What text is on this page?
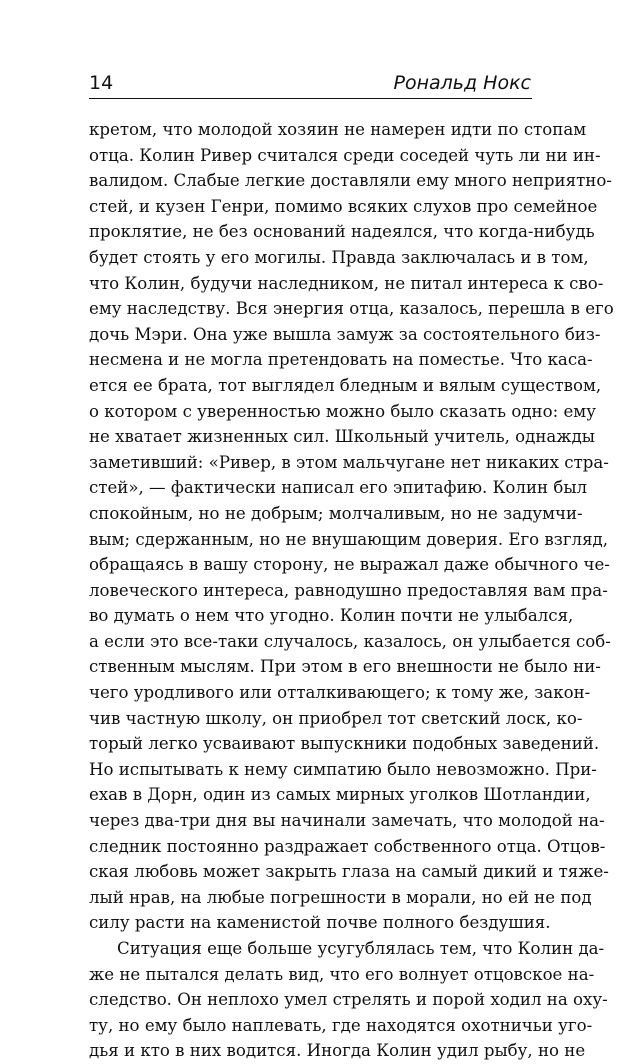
14	Рональд Нокс
кретом, что молодой хозяин не намерен идти по стопам
отца. Колин Ривер считался среди соседей чуть ли ни ин-
валидом. Слабые легкие доставляли ему много неприятно-
стей, и кузен Генри, помимо всяких слухов про семейное
проклятие, не без оснований надеялся, что когда-нибудь
будет стоять у его могилы. Правда заключалась и в том,
что Колин, будучи наследником, не питал интереса к сво-
ему наследству. Вся энергия отца, казалось, перешла в его
дочь Мэри. Она уже вышла замуж за состоятельного биз-
несмена и не могла претендовать на поместье. Что каса-
ется ее брата, тот выглядел бледным и вялым существом,
о котором с уверенностью можно было сказать одно: ему
не хватает жизненных сил. Школьный учитель, однажды
заметивший: «Ривер, в этом мальчугане нет никаких стра-
стей», — фактически написал его эпитафию. Колин был
спокойным, но не добрым; молчаливым, но не задумчи-
вым; сдержанным, но не внушающим доверия. Его взгляд,
обращаясь в вашу сторону, не выражал даже обычного че-
ловеческого интереса, равнодушно предоставляя вам пра-
во думать о нем что угодно. Колин почти не улыбался,
а если это все-таки случалось, казалось, он улыбается соб-
ственным мыслям. При этом в его внешности не было ни-
чего уродливого или отталкивающего; к тому же, закон-
чив частную школу, он приобрел тот светский лоск, ко-
торый легко усваивают выпускники подобных заведений.
Но испытывать к нему симпатию было невозможно. При-
ехав в Дорн, один из самых мирных уголков Шотландии,
через два-три дня вы начинали замечать, что молодой на-
следник постоянно раздражает собственного отца. Отцов-
ская любовь может закрыть глаза на самый дикий и тяже-
лый нрав, на любые погрешности в морали, но ей не под
силу расти на каменистой почве полного бездушия.
Ситуация еще больше усугублялась тем, что Колин да-
же не пытался делать вид, что его волнует отцовское на-
следство. Он неплохо умел стрелять и порой ходил на оху-
ту, но ему было наплевать, где находятся охотничьи уго-
дья и кто в них водится. Иногда Колин удил рыбу, но не
